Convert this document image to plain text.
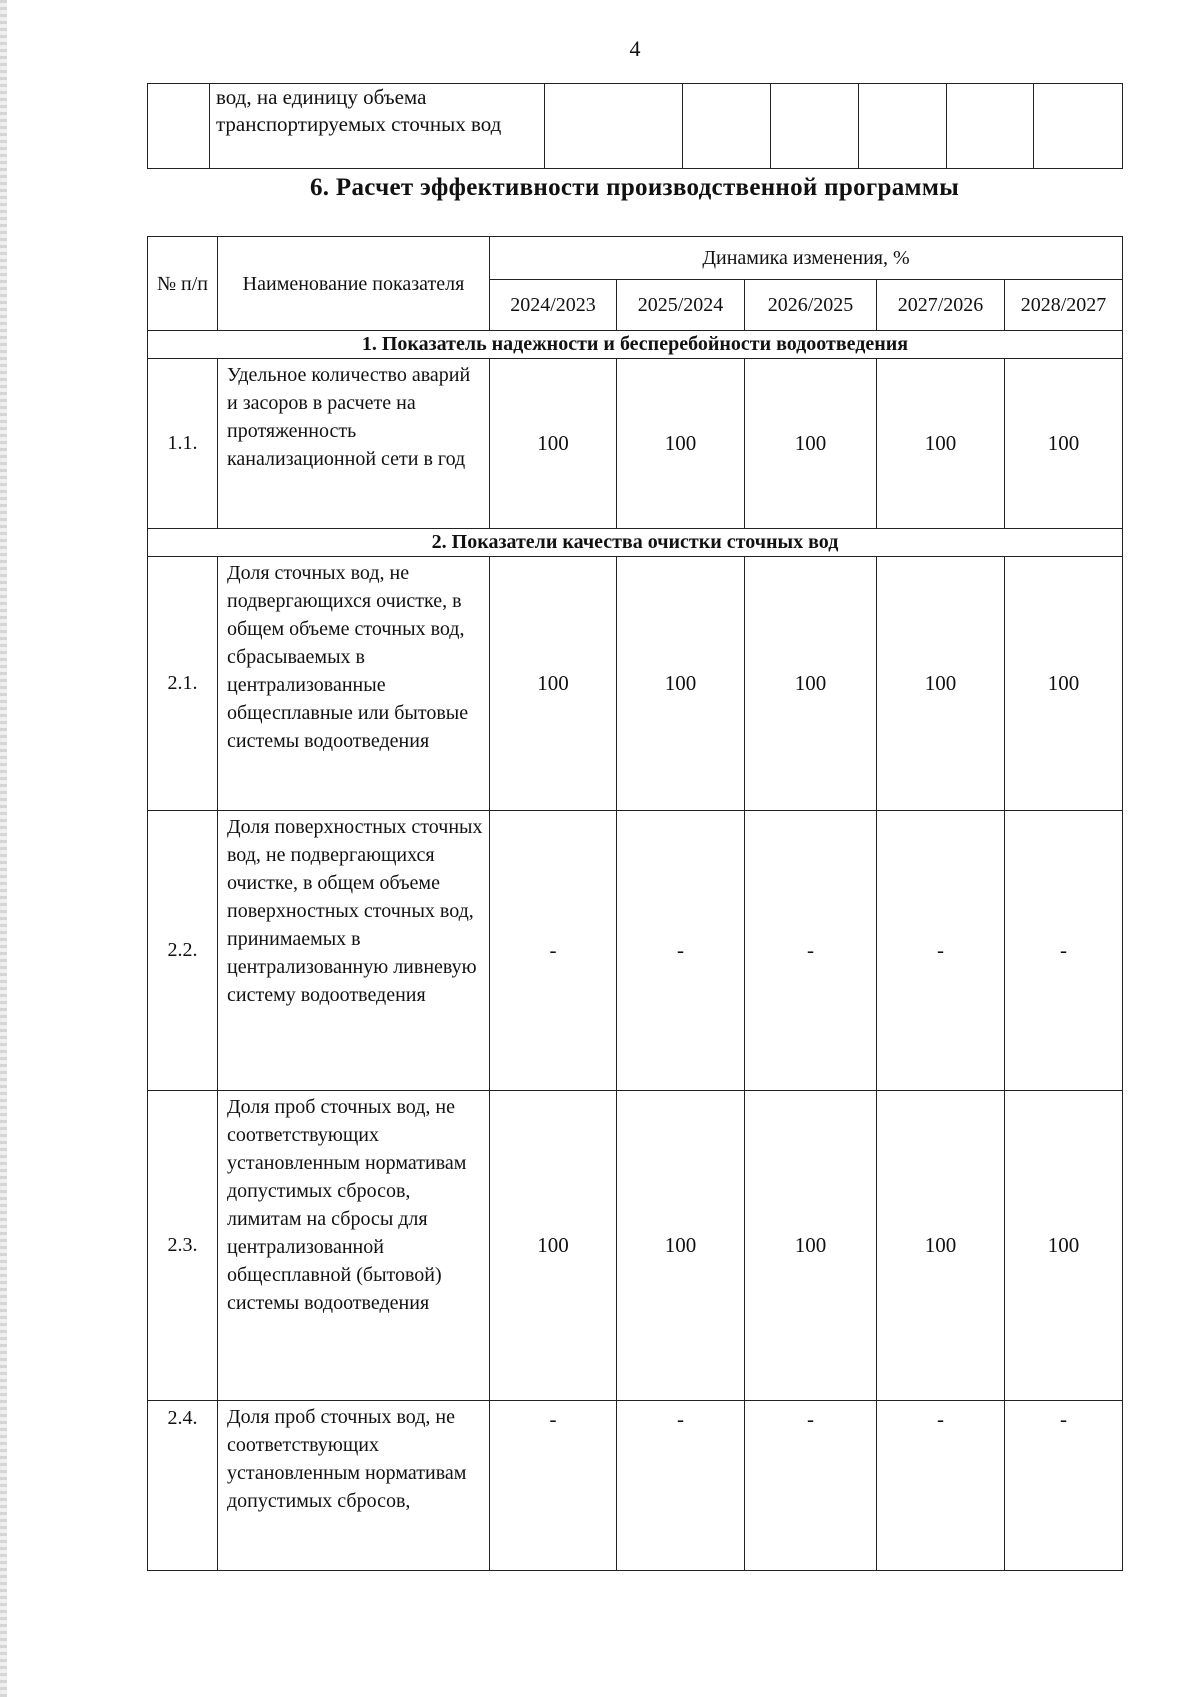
4
	вод, на единицу объема транспортируемых сточных вод						
6. Расчет эффективности производственной программы
№ п/п	Наименование показателя	Динамика изменения, %				
		2024/2023	2025/2024	2026/2025	2027/2026	2028/2027
1. Показатель надежности и бесперебойности водоотведения						
1.1.	Удельное количество аварий и засоров в расчете на протяженность канализационной сети в год	100	100	100	100	100
2. Показатели качества очистки сточных вод						
2.1.	Доля сточных вод, не подвергающихся очистке, в общем объеме сточных вод, сбрасываемых в централизованные общесплавные или бытовые системы водоотведения	100	100	100	100	100
2.2.	Доля поверхностных сточных вод, не подвергающихся очистке, в общем объеме поверхностных сточных вод, принимаемых в централизованную ливневую систему водоотведения	-	-	-	-	-
2.3.	Доля проб сточных вод, не соответствующих установленным нормативам допустимых сбросов, лимитам на сбросы для централизованной общесплавной (бытовой) системы водоотведения	100	100	100	100	100
2.4.	Доля проб сточных вод, не соответствующих установленным нормативам допустимых сбросов,	-	-	-	-	-
